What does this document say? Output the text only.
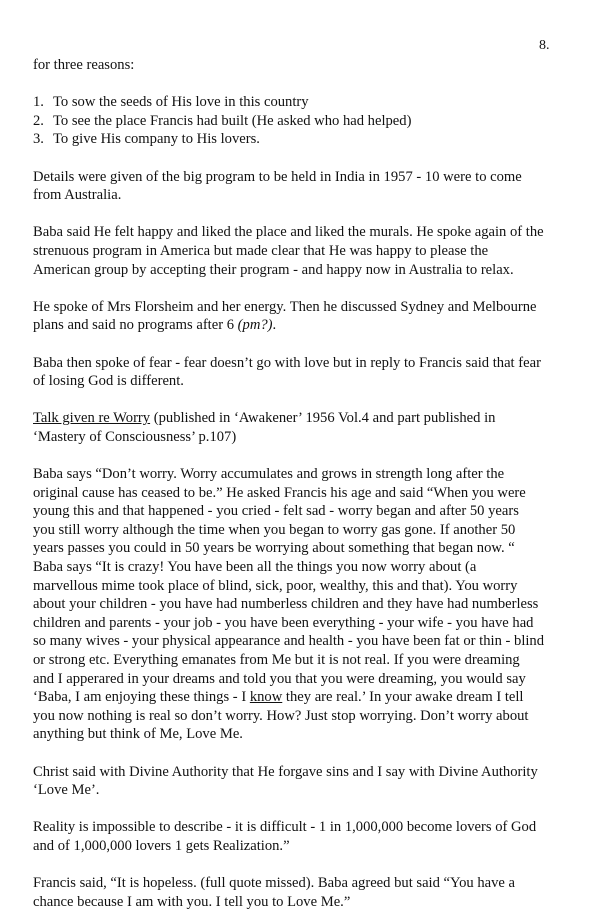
8.

for three reasons:

1. To sow the seeds of His love in this country
2. To see the place Francis had built (He asked who had helped)
3. To give His company to His lovers.
Details were given of the big program to be held in India in 1957 - 10 were to come
from Australia.
Baba said He felt happy and liked the place and liked the murals. He spoke again of the
strenuous program in America but made clear that He was happy to please the
American group by accepting their program - and happy now in Australia to relax.
He spoke of Mrs Florsheim and her energy. Then he discussed Sydney and Melbourne
plans and said no programs after 6 (pm?).
Baba then spoke of fear - fear doesn’t go with love but in reply to Francis said that fear
of losing God is different.
Talk given re Worry (published in ‘Awakener’ 1956 Vol.4 and part published in
‘Mastery of Consciousness’ p.107)
Baba says “Don’t worry. Worry accumulates and grows in strength long after the
original cause has ceased to be.” He asked Francis his age and said “When you were
young this and that happened - you cried - felt sad - worry began and after 50 years
you still worry although the time when you began to worry gas gone. If another 50
years passes you could in 50 years be worrying about something that began now. “
Baba says “It is crazy! You have been all the things you now worry about (a
marvellous mime took place of blind, sick, poor, wealthy, this and that). You worry
about your children - you have had numberless children and they have had numberless
children and parents - your job - you have been everything - your wife - you have had
so many wives - your physical appearance and health - you have been fat or thin - blind
or strong etc. Everything emanates from Me but it is not real. If you were dreaming
and I apperared in your dreams and told you that you were dreaming, you would say
‘Baba, I am enjoying these things - I know they are real.’ In your awake dream I tell
you now nothing is real so don’t worry. How? Just stop worrying. Don’t worry about
anything but think of Me, Love Me.
Christ said with Divine Authority that He forgave sins and I say with Divine Authority
‘Love Me’.
Reality is impossible to describe - it is difficult - 1 in 1,000,000 become lovers of God
and of 1,000,000 lovers 1 gets Realization.”
Francis said, “It is hopeless. (full quote missed). Baba agreed but said “You have a
chance because I am with you. I tell you to Love Me.”
